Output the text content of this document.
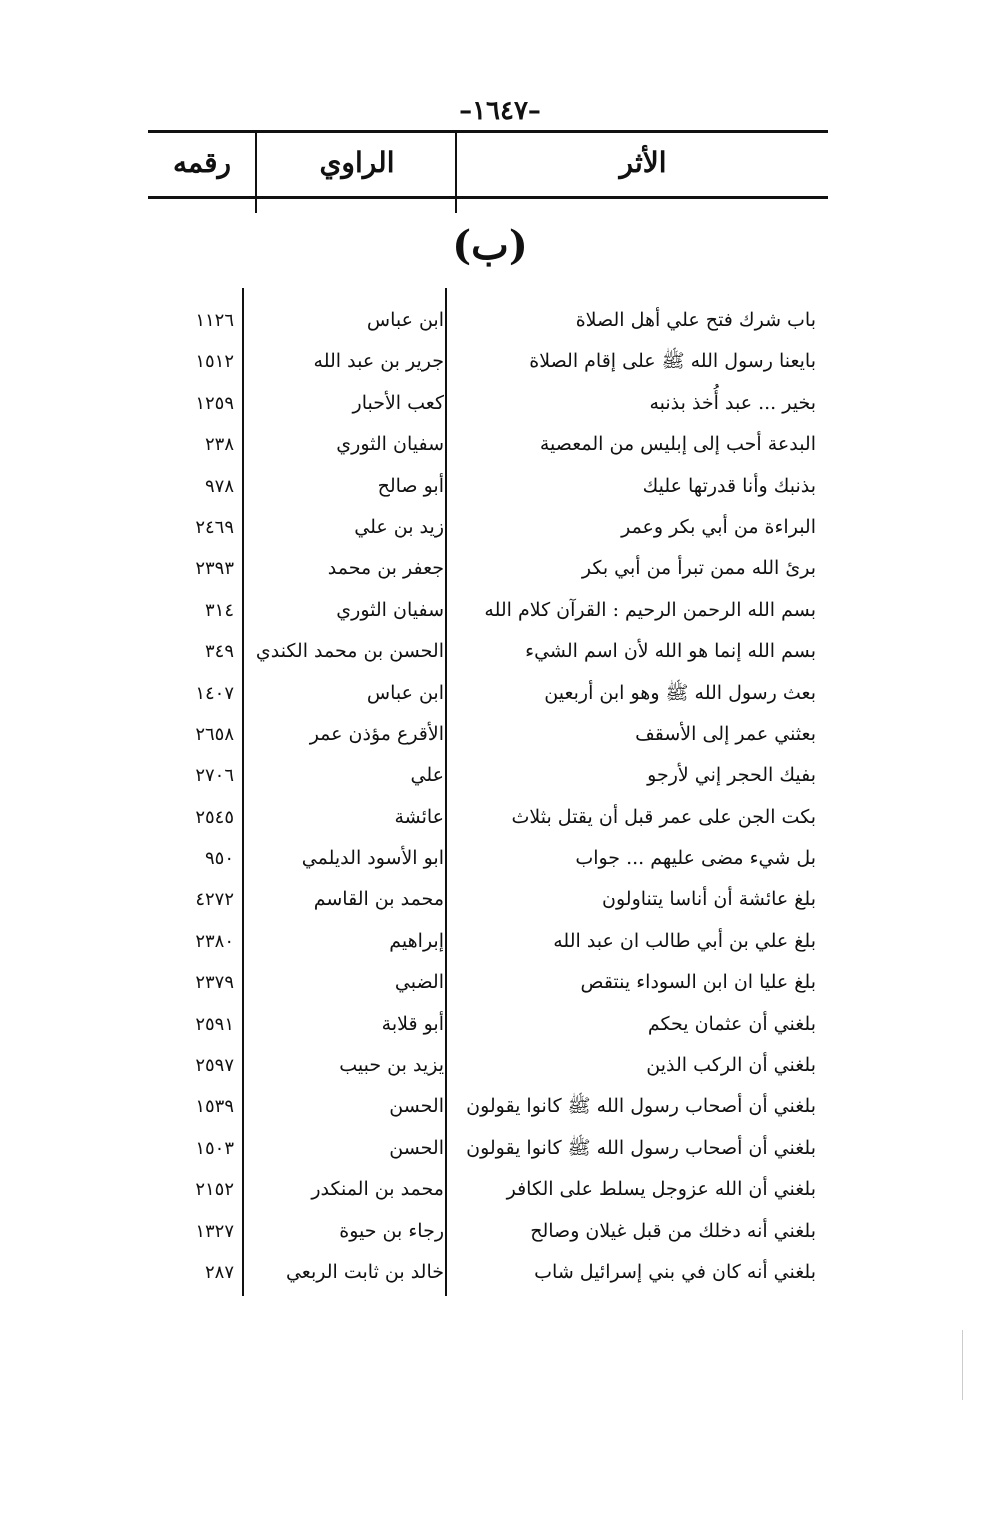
–١٦٤٧–
الأثر
الراوي
رقمه
(ب)
باب شرك فتح علي أهل الصلاة
ابن عباس
١١٢٦
بايعنا رسول الله ﷺ على إقام الصلاة
جرير بن عبد الله
١٥١٢
بخير ... عبد أُخذ بذنبه
كعب الأحبار
١٢٥٩
البدعة أحب إلى إبليس من المعصية
سفيان الثوري
٢٣٨
بذنبك وأنا قدرتها عليك
أبو صالح
٩٧٨
البراءة من أبي بكر وعمر
زيد بن علي
٢٤٦٩
برئ الله ممن تبرأ من أبي بكر
جعفر بن محمد
٢٣٩٣
بسم الله الرحمن الرحيم : القرآن كلام الله
سفيان الثوري
٣١٤
بسم الله إنما هو الله لأن اسم الشيء
الحسن بن محمد الكندي
٣٤٩
بعث رسول الله ﷺ وهو ابن أربعين
ابن عباس
١٤٠٧
بعثني عمر إلى الأسقف
الأقرع مؤذن عمر
٢٦٥٨
بفيك الحجر إني لأرجو
علي
٢٧٠٦
بكت الجن على عمر قبل أن يقتل بثلاث
عائشة
٢٥٤٥
بل شيء مضى عليهم ... جواب
ابو الأسود الديلمي
٩٥٠
بلغ عائشة أن أناسا يتناولون
محمد بن القاسم
٤٢٧٢
بلغ علي بن أبي طالب ان عبد الله
إبراهيم
٢٣٨٠
بلغ عليا ان ابن السوداء ينتقص
الضبي
٢٣٧٩
بلغني أن عثمان يحكم
أبو قلابة
٢٥٩١
بلغني أن الركب الذين
يزيد بن حبيب
٢٥٩٧
بلغني أن أصحاب رسول الله ﷺ كانوا يقولون
الحسن
١٥٣٩
بلغني أن أصحاب رسول الله ﷺ كانوا يقولون
الحسن
١٥٠٣
بلغني أن الله عزوجل يسلط على الكافر
محمد بن المنكدر
٢١٥٢
بلغني أنه دخلك من قبل غيلان وصالح
رجاء بن حيوة
١٣٢٧
بلغني أنه كان في بني إسرائيل شاب
خالد بن ثابت الربعي
٢٨٧
